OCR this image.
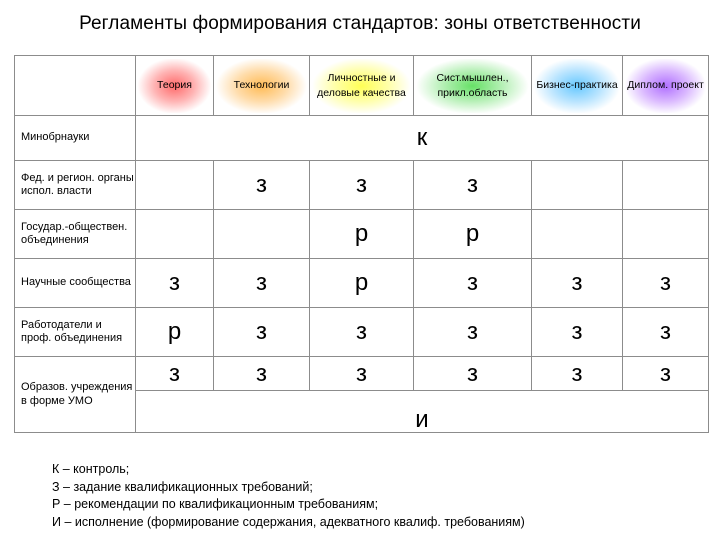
Регламенты формирования стандартов: зоны ответственности

Теория	Технологии	Личностные и деловые качества	Сист.мышлен., прикл.область	Бизнес-практика	Диплом. проект

Минобрнауки	к					
Фед. и регион. органы испол. власти		з	з	з		
Государ.-обществен. объединения			р	р		
Научные сообщества	з	з	р	з	з	з
Работодатели и проф. объединения	р	з	з	з	з	з
Образов. учреждения в форме УМО	з	з	з	з	з	з
	и					
К – контроль;
З – задание квалификационных требований;
Р – рекомендации по квалификационным требованиям;
И – исполнение (формирование содержания, адекватного квалиф. требованиям)
